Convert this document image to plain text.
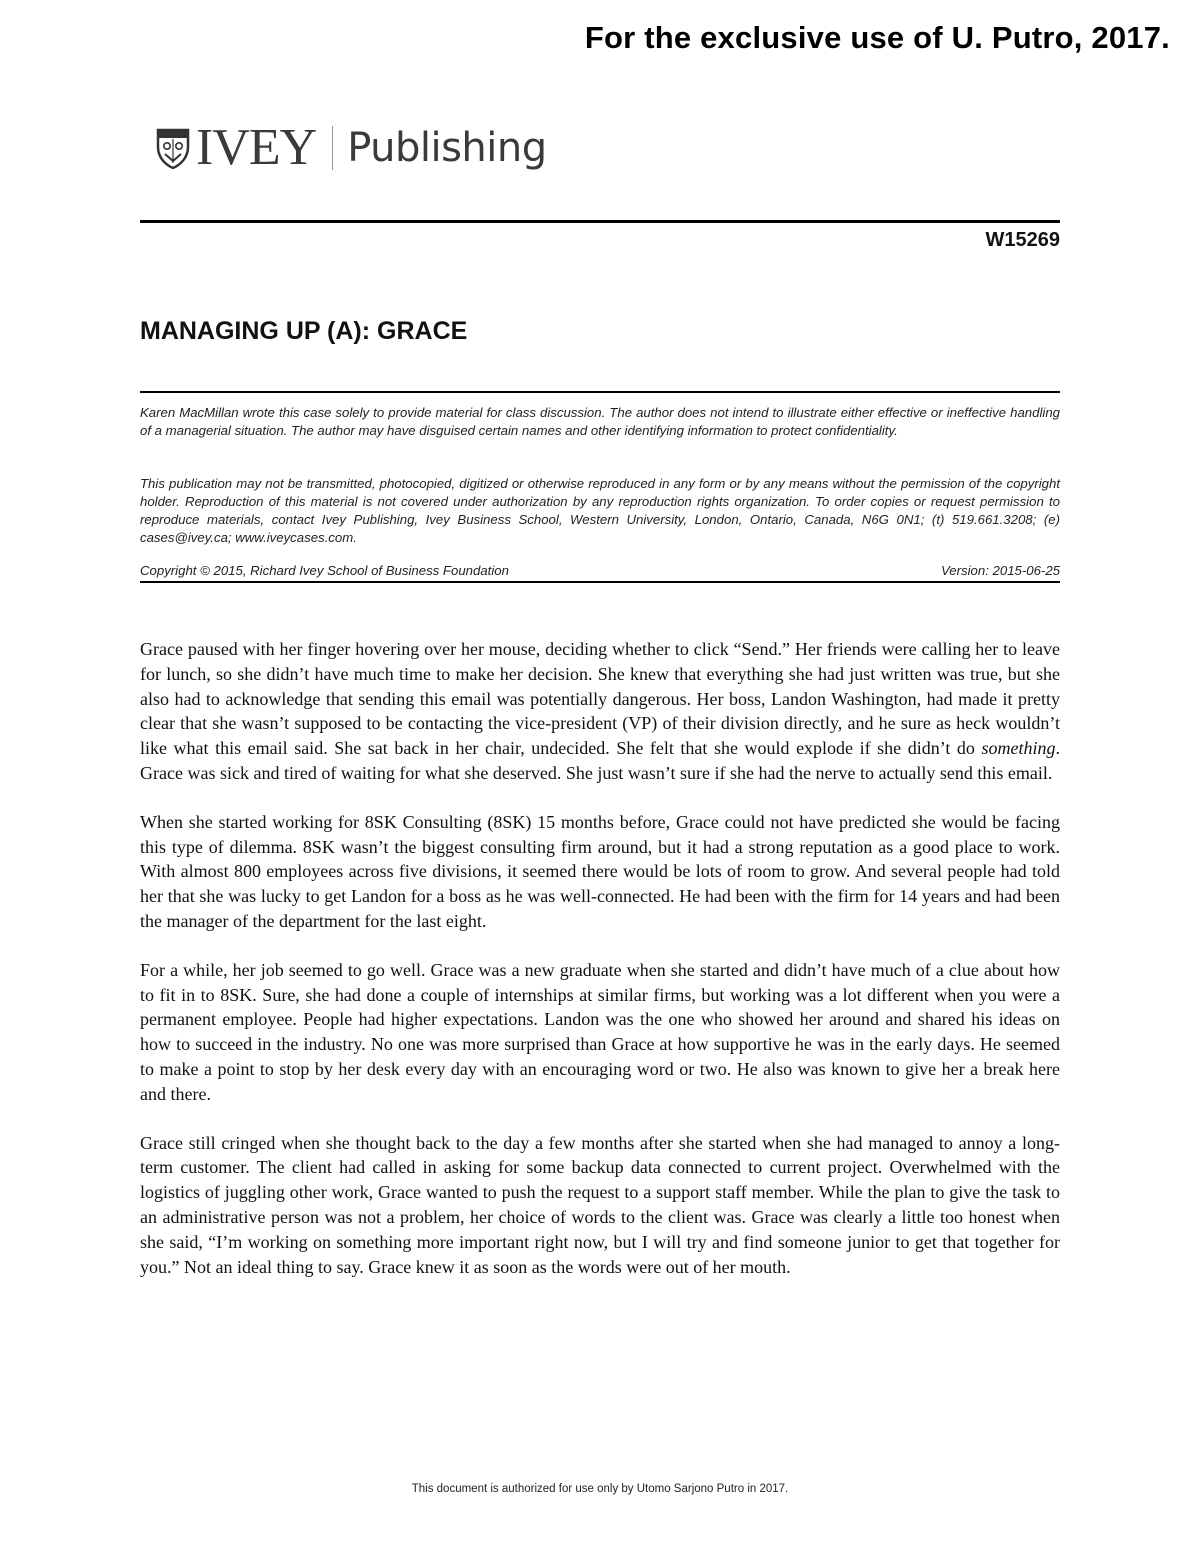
For the exclusive use of U. Putro, 2017.
IVEY Publishing
W15269
MANAGING UP (A): GRACE
Karen MacMillan wrote this case solely to provide material for class discussion. The author does not intend to illustrate either effective or ineffective handling of a managerial situation. The author may have disguised certain names and other identifying information to protect confidentiality.
This publication may not be transmitted, photocopied, digitized or otherwise reproduced in any form or by any means without the permission of the copyright holder. Reproduction of this material is not covered under authorization by any reproduction rights organization. To order copies or request permission to reproduce materials, contact Ivey Publishing, Ivey Business School, Western University, London, Ontario, Canada, N6G 0N1; (t) 519.661.3208; (e) cases@ivey.ca; www.iveycases.com.
Copyright © 2015, Richard Ivey School of Business Foundation	Version: 2015-06-25

Grace paused with her finger hovering over her mouse, deciding whether to click “Send.” Her friends were calling her to leave for lunch, so she didn’t have much time to make her decision. She knew that everything she had just written was true, but she also had to acknowledge that sending this email was potentially dangerous. Her boss, Landon Washington, had made it pretty clear that she wasn’t supposed to be contacting the vice-president (VP) of their division directly, and he sure as heck wouldn’t like what this email said. She sat back in her chair, undecided. She felt that she would explode if she didn’t do something. Grace was sick and tired of waiting for what she deserved. She just wasn’t sure if she had the nerve to actually send this email.

When she started working for 8SK Consulting (8SK) 15 months before, Grace could not have predicted she would be facing this type of dilemma. 8SK wasn’t the biggest consulting firm around, but it had a strong reputation as a good place to work. With almost 800 employees across five divisions, it seemed there would be lots of room to grow. And several people had told her that she was lucky to get Landon for a boss as he was well-connected. He had been with the firm for 14 years and had been the manager of the department for the last eight.

For a while, her job seemed to go well. Grace was a new graduate when she started and didn’t have much of a clue about how to fit in to 8SK. Sure, she had done a couple of internships at similar firms, but working was a lot different when you were a permanent employee. People had higher expectations. Landon was the one who showed her around and shared his ideas on how to succeed in the industry. No one was more surprised than Grace at how supportive he was in the early days. He seemed to make a point to stop by her desk every day with an encouraging word or two. He also was known to give her a break here and there.

Grace still cringed when she thought back to the day a few months after she started when she had managed to annoy a long-term customer. The client had called in asking for some backup data connected to current project. Overwhelmed with the logistics of juggling other work, Grace wanted to push the request to a support staff member. While the plan to give the task to an administrative person was not a problem, her choice of words to the client was. Grace was clearly a little too honest when she said, “I’m working on something more important right now, but I will try and find someone junior to get that together for you.” Not an ideal thing to say. Grace knew it as soon as the words were out of her mouth.

This document is authorized for use only by Utomo Sarjono Putro in 2017.
